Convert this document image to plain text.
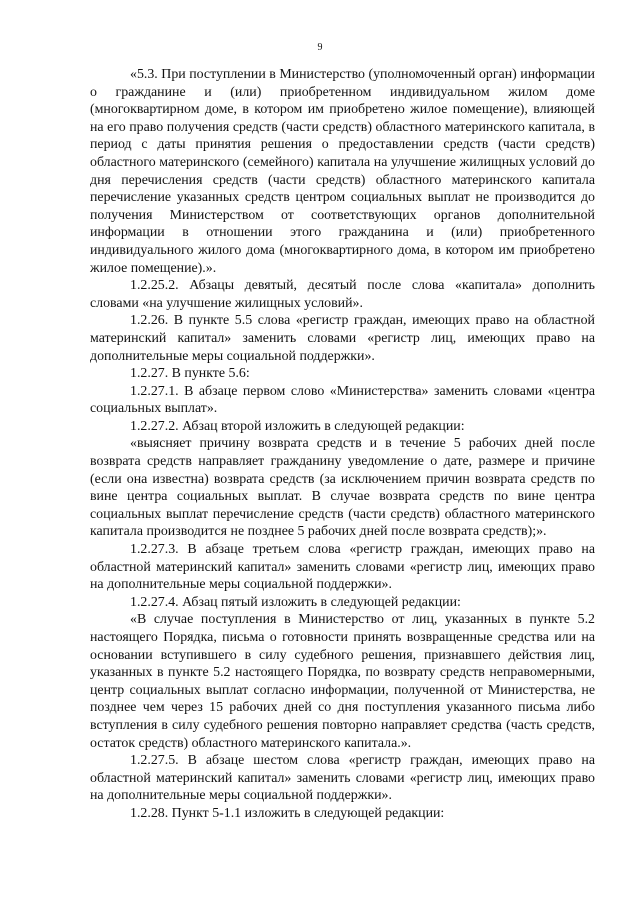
9

«5.3. При поступлении в Министерство (уполномоченный орган) информации о гражданине и (или) приобретенном индивидуальном жилом доме (многоквартирном доме, в котором им приобретено жилое помещение), влияющей на его право получения средств (части средств) областного материнского капитала, в период с даты принятия решения о предоставлении средств (части средств) областного материнского (семейного) капитала на улучшение жилищных условий до дня перечисления средств (части средств) областного материнского капитала перечисление указанных средств центром социальных выплат не производится до получения Министерством от соответствующих органов дополнительной информации в отношении этого гражданина и (или) приобретенного индивидуального жилого дома (многоквартирного дома, в котором им приобретено жилое помещение).».

1.2.25.2. Абзацы девятый, десятый после слова «капитала» дополнить словами «на улучшение жилищных условий».

1.2.26. В пункте 5.5 слова «регистр граждан, имеющих право на областной материнский капитал» заменить словами «регистр лиц, имеющих право на дополнительные меры социальной поддержки».

1.2.27. В пункте 5.6:

1.2.27.1. В абзаце первом слово «Министерства» заменить словами «центра социальных выплат».

1.2.27.2. Абзац второй изложить в следующей редакции:

«выясняет причину возврата средств и в течение 5 рабочих дней после возврата средств направляет гражданину уведомление о дате, размере и причине (если она известна) возврата средств (за исключением причин возврата средств по вине центра социальных выплат. В случае возврата средств по вине центра социальных выплат перечисление средств (части средств) областного материнского капитала производится не позднее 5 рабочих дней после возврата средств);».

1.2.27.3. В абзаце третьем слова «регистр граждан, имеющих право на областной материнский капитал» заменить словами «регистр лиц, имеющих право на дополнительные меры социальной поддержки».

1.2.27.4. Абзац пятый изложить в следующей редакции:

«В случае поступления в Министерство от лиц, указанных в пункте 5.2 настоящего Порядка, письма о готовности принять возвращенные средства или на основании вступившего в силу судебного решения, признавшего действия лиц, указанных в пункте 5.2 настоящего Порядка, по возврату средств неправомерными, центр социальных выплат согласно информации, полученной от Министерства, не позднее чем через 15 рабочих дней со дня поступления указанного письма либо вступления в силу судебного решения повторно направляет средства (часть средств, остаток средств) областного материнского капитала.».

1.2.27.5. В абзаце шестом слова «регистр граждан, имеющих право на областной материнский капитал» заменить словами «регистр лиц, имеющих право на дополнительные меры социальной поддержки».

1.2.28. Пункт 5-1.1 изложить в следующей редакции:
